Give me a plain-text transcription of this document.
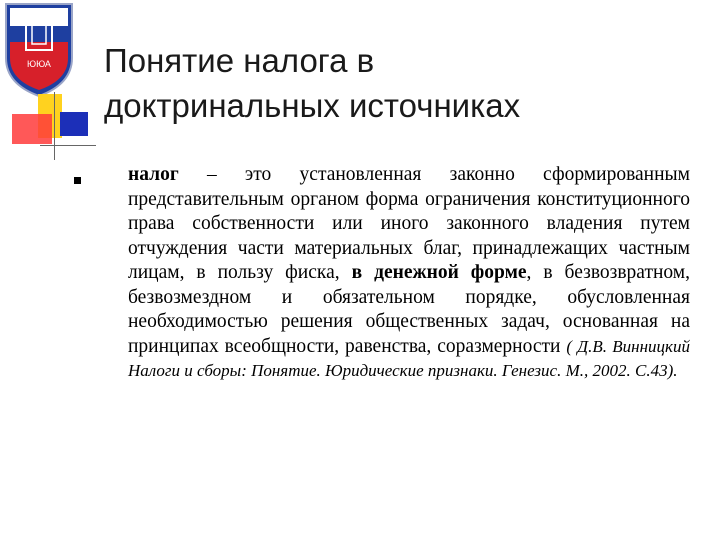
ЮЮА Понятие налога в
доктринальных источниках

налог – это установленная законно сформированным представительным органом форма ограничения конституционного права собственности или иного законного владения путем отчуждения части материальных благ, принадлежащих частным лицам, в пользу фиска, в денежной форме, в безвозвратном, безвозмездном и обязательном порядке, обусловленная необходимостью решения общественных задач, основанная на принципах всеобщности, равенства, соразмерности ( Д.В. Винницкий Налоги и сборы: Понятие. Юридические признаки. Генезис. М., 2002. С.43).
